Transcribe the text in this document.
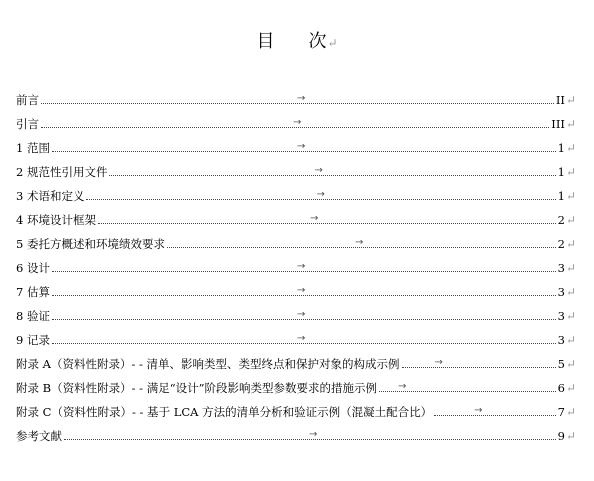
目 次↵
前言	→	II↵
引言	→	III↵
1 范围	→	1↵
2 规范性引用文件	→	1↵
3 术语和定义	→	1↵
4 环境设计框架	→	2↵
5 委托方概述和环境绩效要求	→	2↵
6 设计	→	3↵
7 估算	→	3↵
8 验证	→	3↵
9 记录	→	3↵
附录 A（资料性附录）- - 清单、影响类型、类型终点和保护对象的构成示例	→	5↵
附录 B（资料性附录）- - 满足“设计”阶段影响类型参数要求的措施示例 →	6↵
附录 C（资料性附录）- - 基于 LCA 方法的清单分析和验证示例（混凝土配合比）	→	7↵
参考文献	→	9↵
